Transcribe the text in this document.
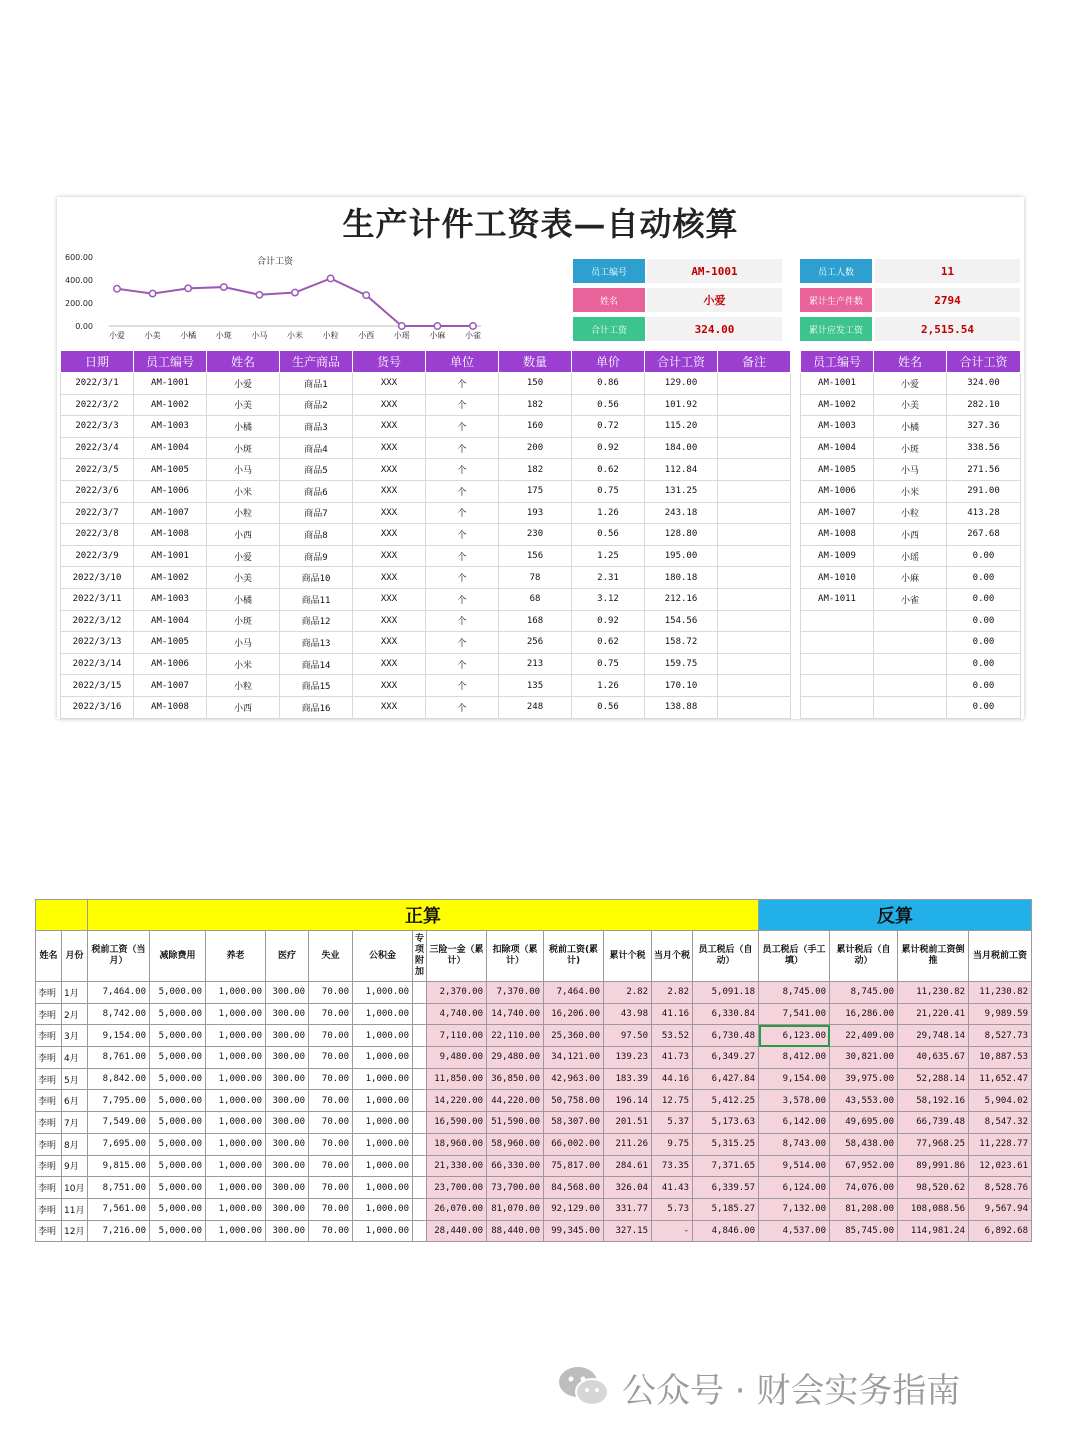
生产计件工资表—自动核算
合计工资
0.00
200.00
400.00
600.00
小爱 小美 小橘 小斑 小马 小米 小粒 小西 小瑶 小麻 小雀
员工编号	AM-1001
姓名	小爱
合计工资	324.00
员工人数	11
累计生产件数	2794
累计应发工资	2,515.54
日期	员工编号	姓名	生产商品	货号	单位	数量	单价	合计工资	备注
2022/3/1	AM-1001	小爱	商品1	XXX	个	150	0.86	129.00	
2022/3/2	AM-1002	小美	商品2	XXX	个	182	0.56	101.92	
2022/3/3	AM-1003	小橘	商品3	XXX	个	160	0.72	115.20	
2022/3/4	AM-1004	小斑	商品4	XXX	个	200	0.92	184.00	
2022/3/5	AM-1005	小马	商品5	XXX	个	182	0.62	112.84	
2022/3/6	AM-1006	小米	商品6	XXX	个	175	0.75	131.25	
2022/3/7	AM-1007	小粒	商品7	XXX	个	193	1.26	243.18	
2022/3/8	AM-1008	小西	商品8	XXX	个	230	0.56	128.80	
2022/3/9	AM-1001	小爱	商品9	XXX	个	156	1.25	195.00	
2022/3/10	AM-1002	小美	商品10	XXX	个	78	2.31	180.18	
2022/3/11	AM-1003	小橘	商品11	XXX	个	68	3.12	212.16	
2022/3/12	AM-1004	小斑	商品12	XXX	个	168	0.92	154.56	
2022/3/13	AM-1005	小马	商品13	XXX	个	256	0.62	158.72	
2022/3/14	AM-1006	小米	商品14	XXX	个	213	0.75	159.75	
2022/3/15	AM-1007	小粒	商品15	XXX	个	135	1.26	170.10	
2022/3/16	AM-1008	小西	商品16	XXX	个	248	0.56	138.88	
员工编号	姓名	合计工资
AM-1001	小爱	324.00
AM-1002	小美	282.10
AM-1003	小橘	327.36
AM-1004	小斑	338.56
AM-1005	小马	271.56
AM-1006	小米	291.00
AM-1007	小粒	413.28
AM-1008	小西	267.68
AM-1009	小瑶	0.00
AM-1010	小麻	0.00
AM-1011	小雀	0.00
		0.00
		0.00
		0.00
		0.00
		0.00
		正算													反算			
姓名	月份	税前工资（当月）	减除费用	养老	医疗	失业	公积金	专项附加	三险一金（累计）	扣除项（累计）	税前工资(累计)	累计个税	当月个税	员工税后（自动）	员工税后（手工填）	累计税后（自动）	累计税前工资倒推	当月税前工资
李明	1月	7,464.00	5,000.00	1,000.00	300.00	70.00	1,000.00		2,370.00	7,370.00	7,464.00	2.82	2.82	5,091.18	8,745.00	8,745.00	11,230.82	11,230.82
李明	2月	8,742.00	5,000.00	1,000.00	300.00	70.00	1,000.00		4,740.00	14,740.00	16,206.00	43.98	41.16	6,330.84	7,541.00	16,286.00	21,220.41	9,989.59
李明	3月	9,154.00	5,000.00	1,000.00	300.00	70.00	1,000.00		7,110.00	22,110.00	25,360.00	97.50	53.52	6,730.48	6,123.00	22,409.00	29,748.14	8,527.73
李明	4月	8,761.00	5,000.00	1,000.00	300.00	70.00	1,000.00		9,480.00	29,480.00	34,121.00	139.23	41.73	6,349.27	8,412.00	30,821.00	40,635.67	10,887.53
李明	5月	8,842.00	5,000.00	1,000.00	300.00	70.00	1,000.00		11,850.00	36,850.00	42,963.00	183.39	44.16	6,427.84	9,154.00	39,975.00	52,288.14	11,652.47
李明	6月	7,795.00	5,000.00	1,000.00	300.00	70.00	1,000.00		14,220.00	44,220.00	50,758.00	196.14	12.75	5,412.25	3,578.00	43,553.00	58,192.16	5,904.02
李明	7月	7,549.00	5,000.00	1,000.00	300.00	70.00	1,000.00		16,590.00	51,590.00	58,307.00	201.51	5.37	5,173.63	6,142.00	49,695.00	66,739.48	8,547.32
李明	8月	7,695.00	5,000.00	1,000.00	300.00	70.00	1,000.00		18,960.00	58,960.00	66,002.00	211.26	9.75	5,315.25	8,743.00	58,438.00	77,968.25	11,228.77
李明	9月	9,815.00	5,000.00	1,000.00	300.00	70.00	1,000.00		21,330.00	66,330.00	75,817.00	284.61	73.35	7,371.65	9,514.00	67,952.00	89,991.86	12,023.61
李明	10月	8,751.00	5,000.00	1,000.00	300.00	70.00	1,000.00		23,700.00	73,700.00	84,568.00	326.04	41.43	6,339.57	6,124.00	74,076.00	98,520.62	8,528.76
李明	11月	7,561.00	5,000.00	1,000.00	300.00	70.00	1,000.00		26,070.00	81,070.00	92,129.00	331.77	5.73	5,185.27	7,132.00	81,208.00	108,088.56	9,567.94
李明	12月	7,216.00	5,000.00	1,000.00	300.00	70.00	1,000.00		28,440.00	88,440.00	99,345.00	327.15	-	4,846.00	4,537.00	85,745.00	114,981.24	6,892.68
公众号 · 财会实务指南
